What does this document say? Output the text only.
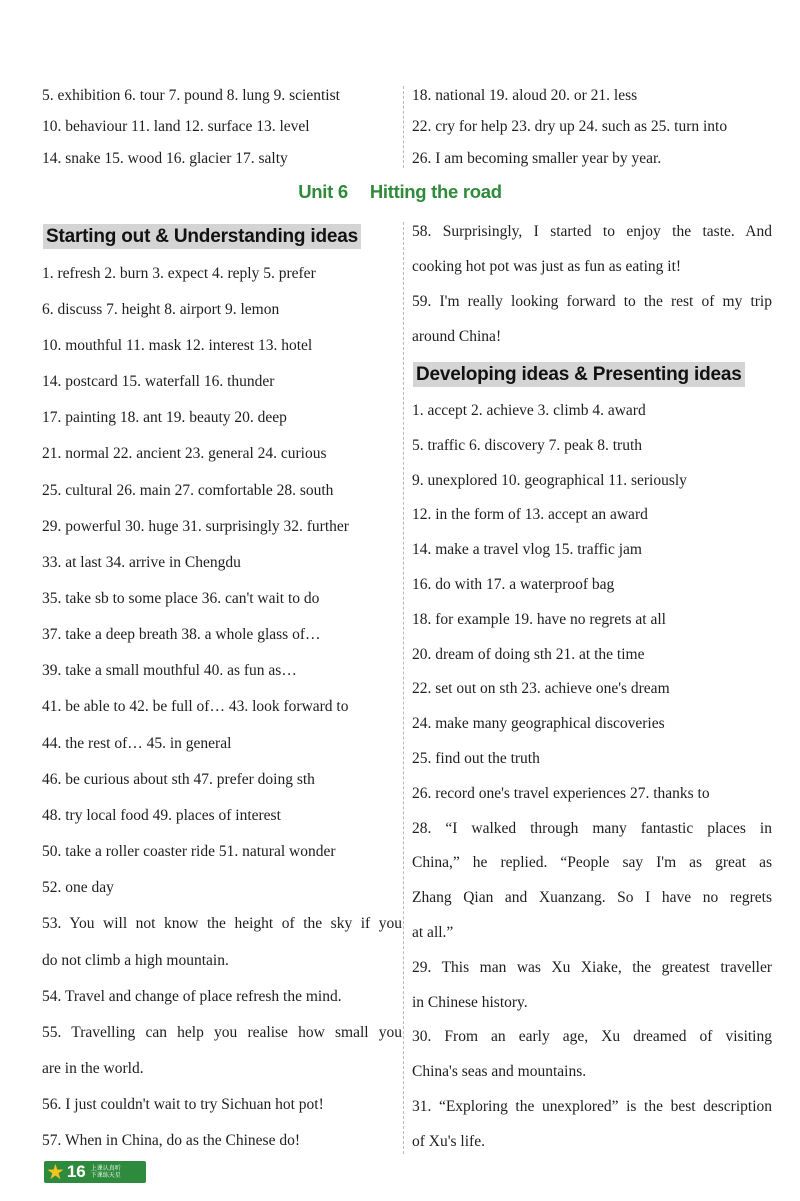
5. exhibition 6. tour 7. pound 8. lung 9. scientist
10. behaviour 11. land 12. surface 13. level
14. snake 15. wood 16. glacier 17. salty
18. national 19. aloud 20. or 21. less
22. cry for help 23. dry up 24. such as 25. turn into
26. I am becoming smaller year by year.
Unit 6 Hitting the road
Starting out & Understanding ideas
1. refresh 2. burn 3. expect 4. reply 5. prefer
6. discuss 7. height 8. airport 9. lemon
10. mouthful 11. mask 12. interest 13. hotel
14. postcard 15. waterfall 16. thunder
17. painting 18. ant 19. beauty 20. deep
21. normal 22. ancient 23. general 24. curious
25. cultural 26. main 27. comfortable 28. south
29. powerful 30. huge 31. surprisingly 32. further
33. at last 34. arrive in Chengdu
35. take sb to some place 36. can't wait to do
37. take a deep breath 38. a whole glass of…
39. take a small mouthful 40. as fun as…
41. be able to 42. be full of… 43. look forward to
44. the rest of… 45. in general
46. be curious about sth 47. prefer doing sth
48. try local food 49. places of interest
50. take a roller coaster ride 51. natural wonder
52. one day
53. You will not know the height of the sky if you
do not climb a high mountain.
54. Travel and change of place refresh the mind.
55. Travelling can help you realise how small you
are in the world.
56. I just couldn't wait to try Sichuan hot pot!
57. When in China, do as the Chinese do!
58. Surprisingly, I started to enjoy the taste. And
cooking hot pot was just as fun as eating it!
59. I'm really looking forward to the rest of my trip
around China!
Developing ideas & Presenting ideas
1. accept 2. achieve 3. climb 4. award
5. traffic 6. discovery 7. peak 8. truth
9. unexplored 10. geographical 11. seriously
12. in the form of 13. accept an award
14. make a travel vlog 15. traffic jam
16. do with 17. a waterproof bag
18. for example 19. have no regrets at all
20. dream of doing sth 21. at the time
22. set out on sth 23. achieve one's dream
24. make many geographical discoveries
25. find out the truth
26. record one's travel experiences 27. thanks to
28. “I walked through many fantastic places in
China,” he replied. “People say I'm as great as
Zhang Qian and Xuanzang. So I have no regrets
at all.”
29. This man was Xu Xiake, the greatest traveller
in Chinese history.
30. From an early age, Xu dreamed of visiting
China's seas and mountains.
31. “Exploring the unexplored” is the best description
of Xu's life.
★ 16 上课认真听
下课练天星
